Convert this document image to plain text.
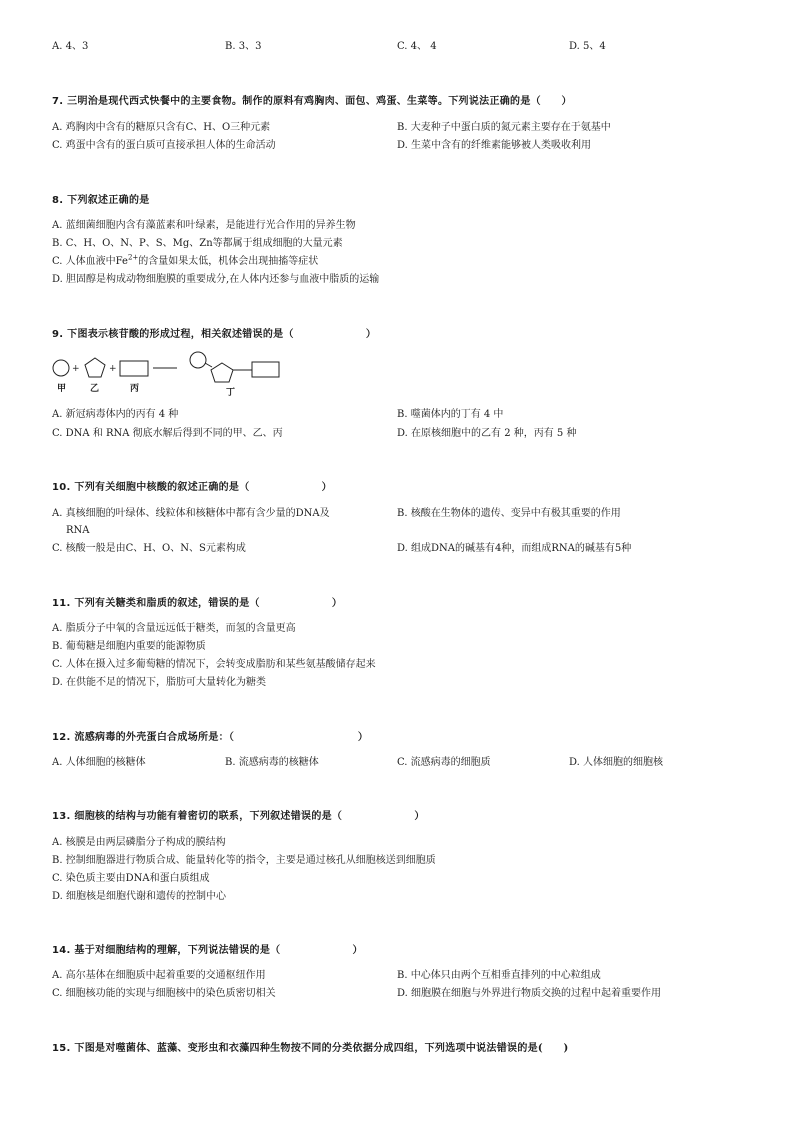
A. 4、3	B. 3、3	C. 4、 4	D. 5、4
7. 三明治是现代西式快餐中的主要食物。制作的原料有鸡胸肉、面包、鸡蛋、生菜等。下列说法正确的是（　　）
A. 鸡胸肉中含有的糖原只含有C、H、O三种元素	B. 大麦种子中蛋白质的氮元素主要存在于氨基中
C. 鸡蛋中含有的蛋白质可直接承担人体的生命活动	D. 生菜中含有的纤维素能够被人类吸收利用
8. 下列叙述正确的是
A. 蓝细菌细胞内含有藻蓝素和叶绿素，是能进行光合作用的异养生物
B. C、H、O、N、P、S、Mg、Zn等都属于组成细胞的大量元素
C. 人体血液中$Fe^{2+}$的含量如果太低，机体会出现抽搐等症状
D. 胆固醇是构成动物细胞膜的重要成分,在人体内还参与血液中脂质的运输
9. 下图表示核苷酸的形成过程，相关叙述错误的是（　　　　　　　）
+	+
甲	乙	丙	丁
A. 新冠病毒体内的丙有 4 种	B. 噬菌体内的丁有 4 中
C. DNA 和 RNA 彻底水解后得到不同的甲、乙、丙	D. 在原核细胞中的乙有 2 种，丙有 5 种
10. 下列有关细胞中核酸的叙述正确的是（　　　　　　　）
A. 真核细胞的叶绿体、线粒体和核糖体中都有含少量的DNA及
RNA
B. 核酸在生物体的遗传、变异中有极其重要的作用
C. 核酸一般是由C、H、O、N、S元素构成	D. 组成DNA的碱基有4种，而组成RNA的碱基有5种
11. 下列有关糖类和脂质的叙述，错误的是（　　　　　　　）
A. 脂质分子中氧的含量远远低于糖类，而氢的含量更高
B. 葡萄糖是细胞内重要的能源物质
C. 人体在摄入过多葡萄糖的情况下，会转变成脂肪和某些氨基酸储存起来
D. 在供能不足的情况下，脂肪可大量转化为糖类
12. 流感病毒的外壳蛋白合成场所是：（　　　　　　　　　　　　）
A. 人体细胞的核糖体	B. 流感病毒的核糖体	C. 流感病毒的细胞质	D. 人体细胞的细胞核
13. 细胞核的结构与功能有着密切的联系，下列叙述错误的是（　　　　　　　）
A. 核膜是由两层磷脂分子构成的膜结构
B. 控制细胞器进行物质合成、能量转化等的指令，主要是通过核孔从细胞核送到细胞质
C. 染色质主要由DNA和蛋白质组成
D. 细胞核是细胞代谢和遗传的控制中心
14. 基于对细胞结构的理解，下列说法错误的是（　　　　　　　）
A. 高尔基体在细胞质中起着重要的交通枢纽作用	B. 中心体只由两个互相垂直排列的中心粒组成
C. 细胞核功能的实现与细胞核中的染色质密切相关	D. 细胞膜在细胞与外界进行物质交换的过程中起着重要作用
15. 下图是对噬菌体、蓝藻、变形虫和衣藻四种生物按不同的分类依据分成四组，下列选项中说法错误的是(　　)
